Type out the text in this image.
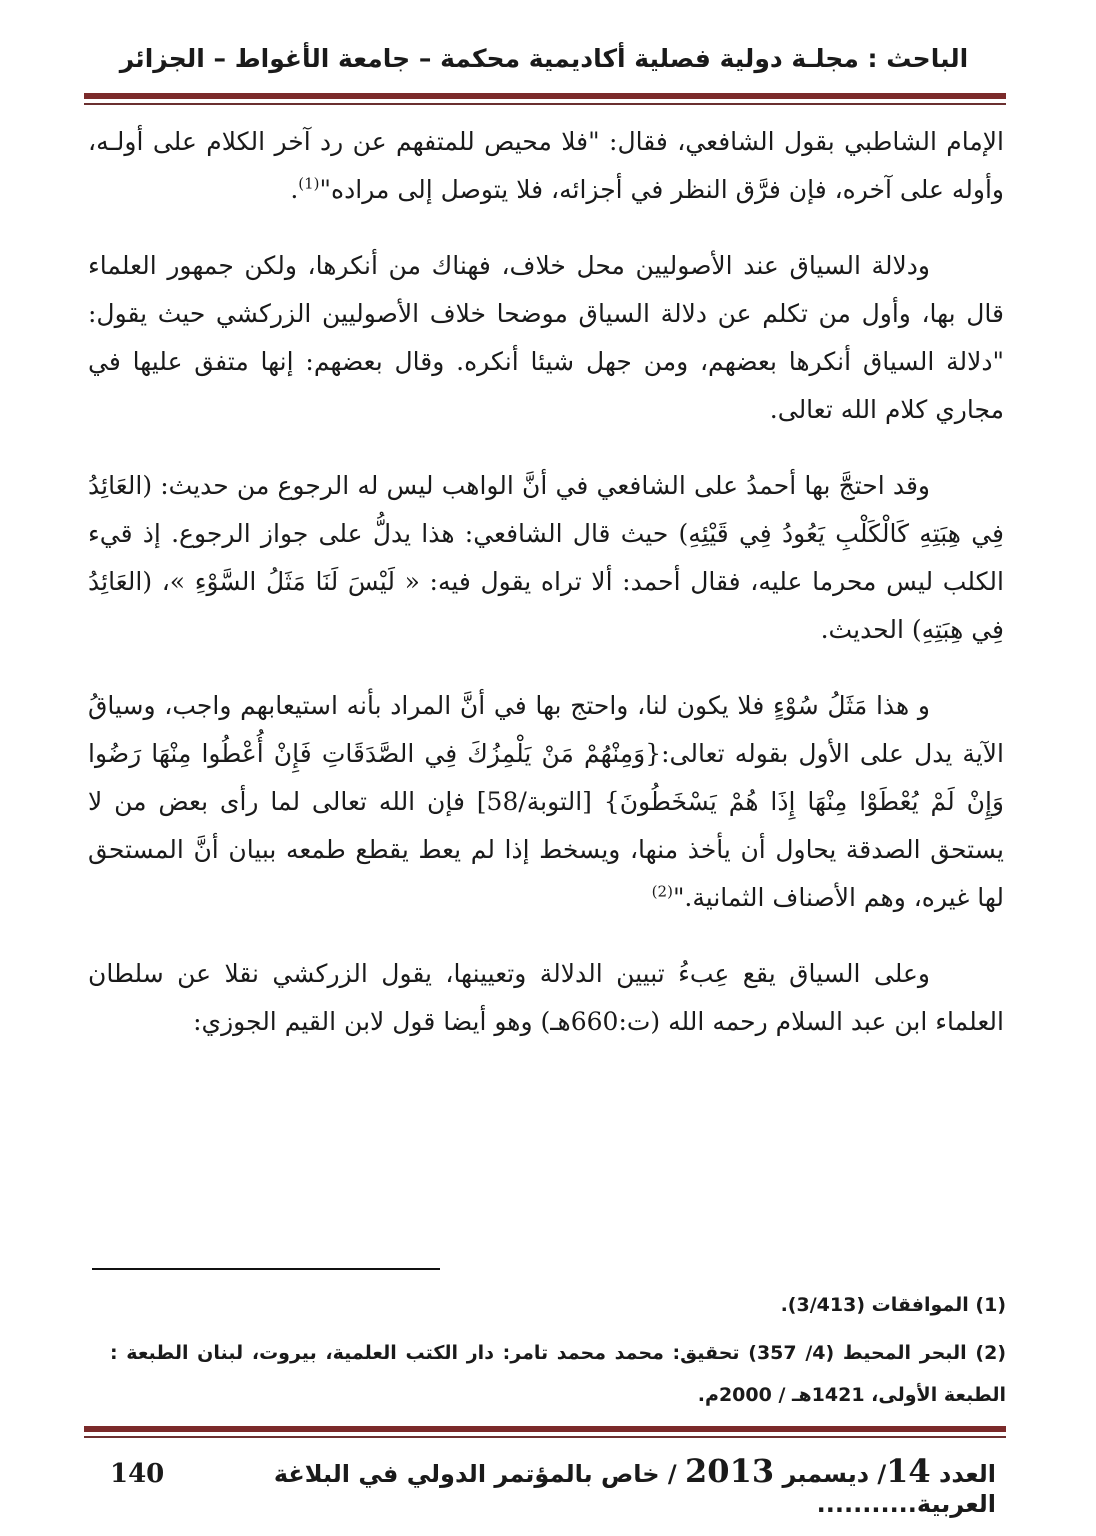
الباحث : مجلـة دولية فصلية أكاديمية محكمة – جامعة الأغواط – الجزائر

الإمام الشاطبي بقول الشافعي، فقال: "فلا محيص للمتفهم عن رد آخر الكلام على أولـه، وأوله على آخره، فإن فرَّق النظر في أجزائه، فلا يتوصل إلى مراده"$^{(1)}$.

ودلالة السياق عند الأصوليين محل خلاف، فهناك من أنكرها، ولكن جمهور العلماء قال بها، وأول من تكلم عن دلالة السياق موضحا خلاف الأصوليين الزركشي حيث يقول: "دلالة السياق أنكرها بعضهم، ومن جهل شيئا أنكره. وقال بعضهم: إنها متفق عليها في مجاري كلام الله تعالى.

وقد احتجَّ بها أحمدُ على الشافعي في أنَّ الواهب ليس له الرجوع من حديث: (العَائِدُ فِي هِبَتِهِ كَالْكَلْبِ يَعُودُ فِي قَيْئِهِ) حيث قال الشافعي: هذا يدلُّ على جواز الرجوع. إذ قيء الكلب ليس محرما عليه، فقال أحمد: ألا تراه يقول فيه: « لَيْسَ لَنَا مَثَلُ السَّوْءِ »، (العَائِدُ فِي هِبَتِهِ) الحديث.

و هذا مَثَلُ سُوْءٍ فلا يكون لنا، واحتج بها في أنَّ المراد بأنه استيعابهم واجب، وسياقُ الآية يدل على الأول بقوله تعالى:{وَمِنْهُمْ مَنْ يَلْمِزُكَ فِي الصَّدَقَاتِ فَإِنْ أُعْطُوا مِنْهَا رَضُوا وَإِنْ لَمْ يُعْطَوْا مِنْهَا إِذَا هُمْ يَسْخَطُونَ} [التوبة/58] فإن الله تعالى لما رأى بعض من لا يستحق الصدقة يحاول أن يأخذ منها، ويسخط إذا لم يعط يقطع طمعه ببيان أنَّ المستحق لها غيره، وهم الأصناف الثمانية."$^{(2)}$

وعلى السياق يقع عِبءُ تبيين الدلالة وتعيينها، يقول الزركشي نقلا عن سلطان العلماء ابن عبد السلام رحمه الله (ت:660هـ) وهو أيضا قول لابن القيم الجوزي:

(1) الموافقات (3/413).

(2) البحر المحيط (4/ 357) تحقيق: محمد محمد تامر: دار الكتب العلمية، بيروت، لبنان الطبعة : الطبعة الأولى، 1421هـ / 2000م.

العدد 14/ ديسمبر 2013 / خاص بالمؤتمر الدولي في البلاغة العربية...........
140
